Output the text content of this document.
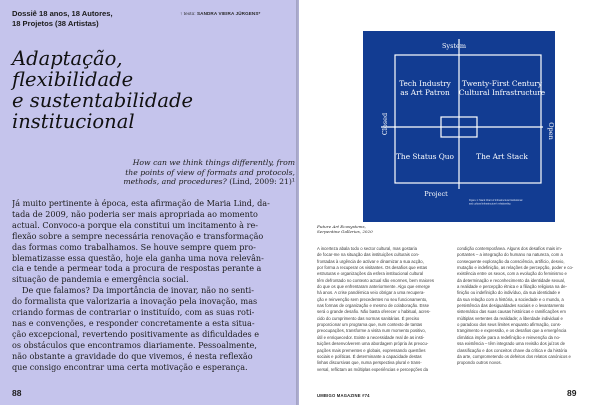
Dossiê 18 anos, 18 Autores,
18 Projetos (38 Artistas)
↑ texto: SANDRA VIEIRA JÜRGENS*
Adaptação,
flexibilidade
e sustentabilidade
institucional
How can we think things differently, from
the points of view of formats and protocols,
methods, and procedures? (Lind, 2009: 21)¹
Já muito pertinente à época, esta afirmação de Maria Lind, da-
tada de 2009, não poderia ser mais apropriada ao momento
actual. Convoco-a porque ela constitui um incitamento à re-
flexão sobre a sempre necessária renovação e transformação
das formas como trabalhamos. Se houve sempre quem pro-
blematizasse essa questão, hoje ela ganha uma nova relevân-
cia e tende a permear toda a procura de respostas perante a
situação de pandemia e emergência social.
De que falamos? Da importância de inovar, não no senti-
do formalista que valorizaria a inovação pela inovação, mas
criando formas de contrariar o instituído, com as suas roti-
nas e convenções, e responder concretamente a esta situa-
ção excepcional, revertendo positivamente as dificuldades e
os obstáculos que encontramos diariamente. Pessoalmente,
não obstante a gravidade do que vivemos, é nesta reflexão
que consigo encontrar uma certa motivação e esperança.
88
System
Project
Closed	Open
Tech Industry
as Art Patron
Twenty-First Century
Cultural Infrastructure
The Status Quo	The Art Stack
Figure 1: Stack Chart of Infrastructural Institutional
and cultural infrastructure's relationship.
Future Art Ecosystems,
Serpentine Galleries, 2020
A incerteza abala todo o sector cultural, mas gostaria
de focar-me na situação das instituições culturais con-
frontadas à urgência de activar e dinamizar a sua acção,
por forma a recuperar os visitantes. Os desafios que estas
estruturas e organizações da esfera institucional cultural
têm defrontado no contexto actual são enormes, bem maiores
do que os que enfrentaram anteriormente. Algo que emerge
há anos. A crise pandémica veio obrigar a uma recupera-
ção e reinvenção sem precedentes no seu funcionamento,
nas formas de organização e mesmo de colaboração. Esse
será o grande desafio. Não basta oferecer o habitual, acres-
cido do cumprimento das normas sanitárias. É preciso
proporcionar um programa que, num contexto de tantas
preocupações, transforme a visita num momento positivo,
útil e enriquecedor. Existe a necessidade real de as insti-
tuições desenvolverem uma abordagem própria às preocu-
pações mais prementes e globais, expressando questões
sociais e políticas. É determinante a capacidade destas
linhas discursivas que, numa perspectiva plural e trans-
versal, reflictam as múltiplas experiências e percepções da
condição contemporânea. Alguns dos desafios mais im-
portantes – a integração do humano na natureza, com a
consequente exploração da consciência, artifício, desvio,
mutação e indefinição, as relações de percepção, poder e co-
existência entre os sexos, com a evolução do feminismo e
da determinação e reconhecimento da identidade sexual,
a realidade e percepção étnica e a filiação religiosa na de-
finição ou indefinição do indivíduo, da sua identidade e
da sua relação com a história, a sociedade e o mundo, a
persistência das desigualdades sociais e o levantamento
sistemático das suas causas históricas e ramificações em
múltiplas vertentes da realidade; a liberdade individual e
o paradoxo dos seus limites enquanto afirmação, cons-
trangimento e expressão, e os desafios que a emergência
climática impõe para a redefinição e reinvenção da no-
ssa existência – têm integrado uma revisão dos juízos de
classificação e dos conceitos chave da crítica e da história
da arte, comprometendo os defeitos dos relatos canónicos e
propondo outros novos.
UMBIGO MAGAZINE #74	89
